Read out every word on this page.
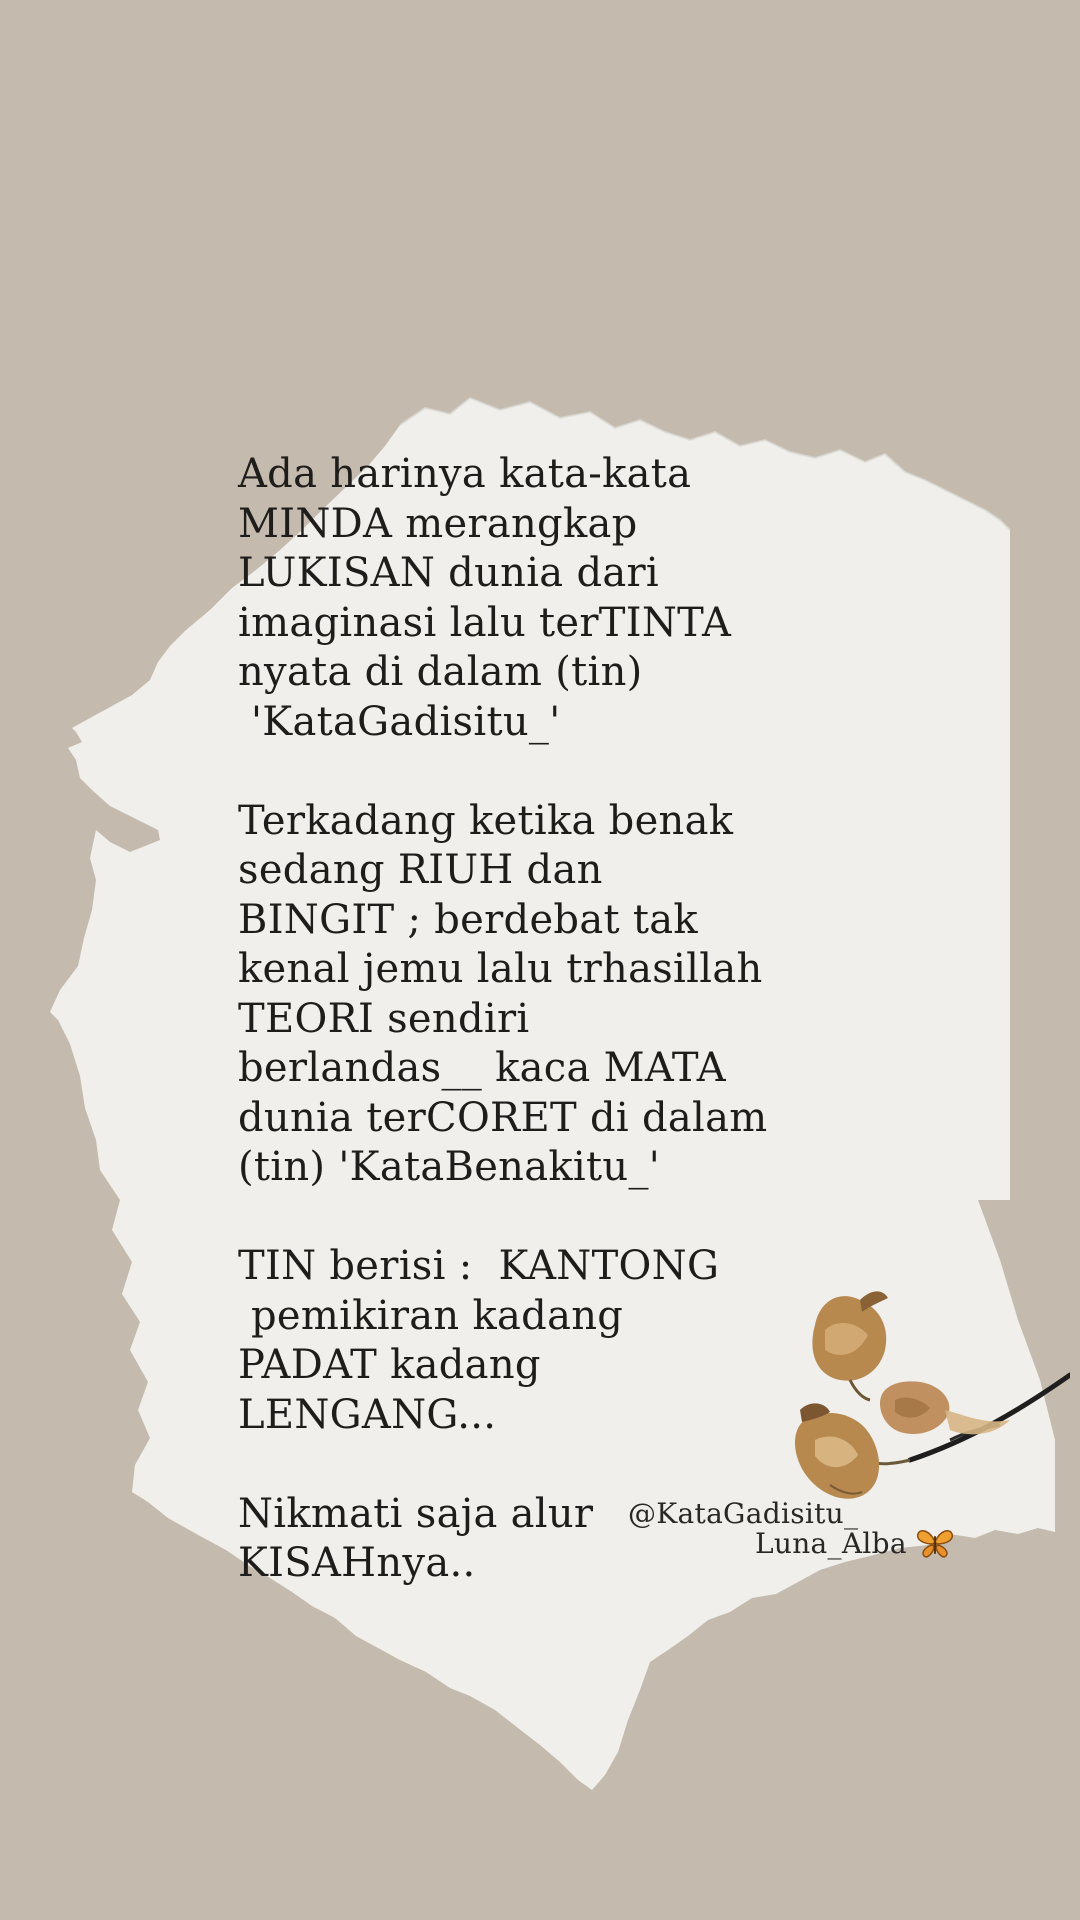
Ada harinya kata-kata
MINDA merangkap
LUKISAN dunia dari
imaginasi lalu terTINTA
nyata di dalam (tin)
'KataGadisitu_'
Terkadang ketika benak
sedang RIUH dan
BINGIT ; berdebat tak
kenal jemu lalu trhasillah
TEORI sendiri
berlandas__ kaca MATA
dunia terCORET di dalam
(tin) 'KataBenakitu_'
TIN berisi :  KANTONG
pemikiran kadang
PADAT kadang
LENGANG...
Nikmati saja alur
KISAHnya..
@KataGadisitu_
Luna_Alba
